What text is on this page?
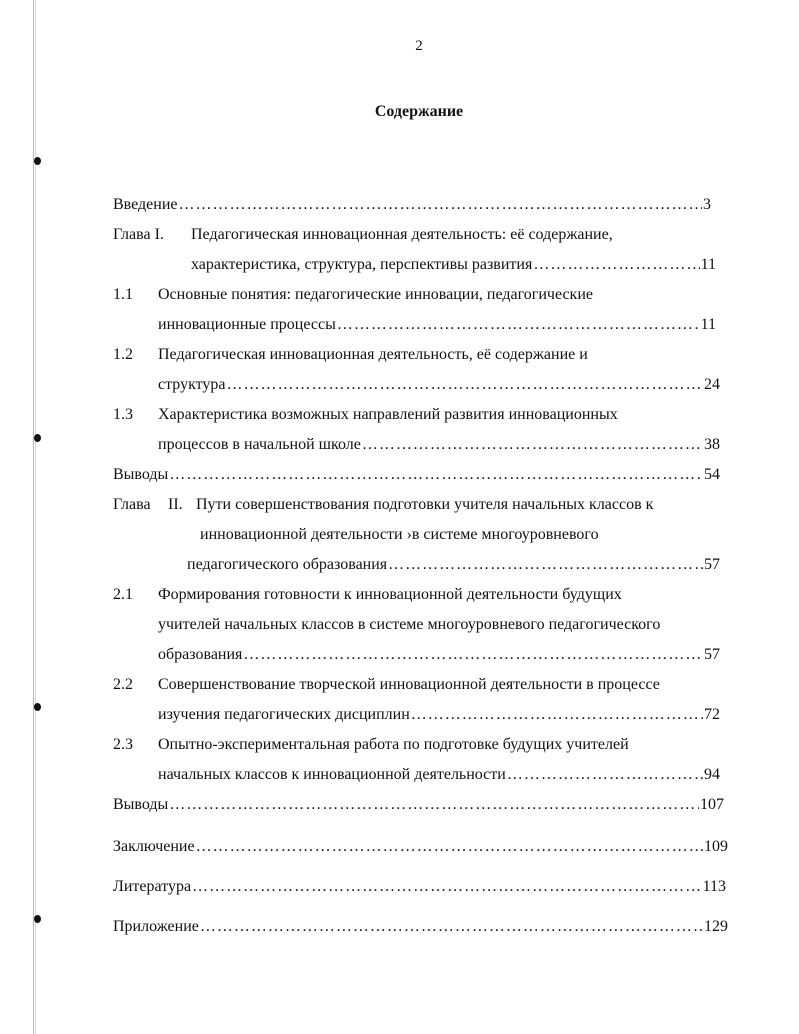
2
Содержание
Введение ………………………………………………………………………………………………………………………………………………………………	3
Глава I. Педагогическая инновационная деятельность: её содержание,
характеристика, структура, перспективы развития ………………………………………………………………………………………………………………………………………………………………	11
1.1 Основные понятия: педагогические инновации, педагогические
инновационные процессы ………………………………………………………………………………………………………………………………………………………………	11
1.2 Педагогическая инновационная деятельность, её содержание и
структура ………………………………………………………………………………………………………………………………………………………………	24
1.3 Характеристика возможных направлений развития инновационных
процессов в начальной школе ………………………………………………………………………………………………………………………………………………………………	38
Выводы ………………………………………………………………………………………………………………………………………………………………	54
Глава II. Пути совершенствования подготовки учителя начальных классов к
инновационной деятельности ›в системе многоуровневого
педагогического образования ………………………………………………………………………………………………………………………………………………………………	57
2.1 Формирования готовности к инновационной деятельности будущих
учителей начальных классов в системе многоуровневого педагогического
образования ………………………………………………………………………………………………………………………………………………………………	57
2.2 Совершенствование творческой инновационной деятельности в процессе
изучения педагогических дисциплин ………………………………………………………………………………………………………………………………………………………………	72
2.3 Опытно-экспериментальная работа по подготовке будущих учителей
начальных классов к инновационной деятельности ………………………………………………………………………………………………………………………………………………………………	94
Выводы ………………………………………………………………………………………………………………………………………………………………	107
Заключение ………………………………………………………………………………………………………………………………………………………………	109
Литература ………………………………………………………………………………………………………………………………………………………………	113
Приложение ………………………………………………………………………………………………………………………………………………………………	129
